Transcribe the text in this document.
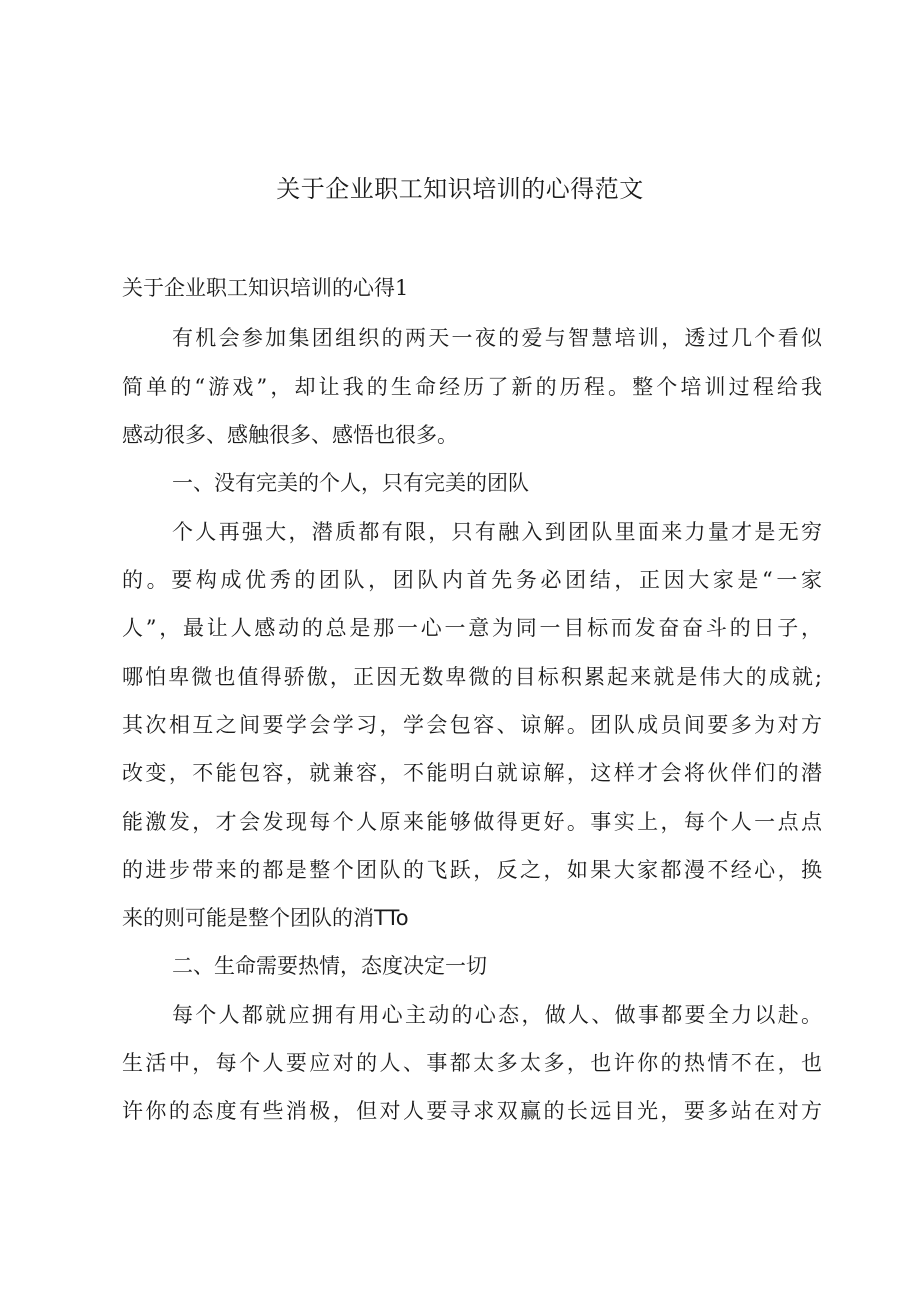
关于企业职工知识培训的心得范文
关于企业职工知识培训的心得1
有机会参加集团组织的两天一夜的爱与智慧培训，透过几个看似
简单的“游戏”，却让我的生命经历了新的历程。整个培训过程给我
感动很多、感触很多、感悟也很多。
一、没有完美的个人，只有完美的团队
个人再强大，潜质都有限，只有融入到团队里面来力量才是无穷
的。要构成优秀的团队，团队内首先务必团结，正因大家是“一家
人”，最让人感动的总是那一心一意为同一目标而发奋奋斗的日子，
哪怕卑微也值得骄傲，正因无数卑微的目标积累起来就是伟大的成就;
其次相互之间要学会学习，学会包容、谅解。团队成员间要多为对方
改变，不能包容，就兼容，不能明白就谅解，这样才会将伙伴们的潜
能激发，才会发现每个人原来能够做得更好。事实上，每个人一点点
的进步带来的都是整个团队的飞跃，反之，如果大家都漫不经心，换
来的则可能是整个团队的消TTo
二、生命需要热情，态度决定一切
每个人都就应拥有用心主动的心态，做人、做事都要全力以赴。
生活中，每个人要应对的人、事都太多太多，也许你的热情不在，也
许你的态度有些消极，但对人要寻求双赢的长远目光，要多站在对方
